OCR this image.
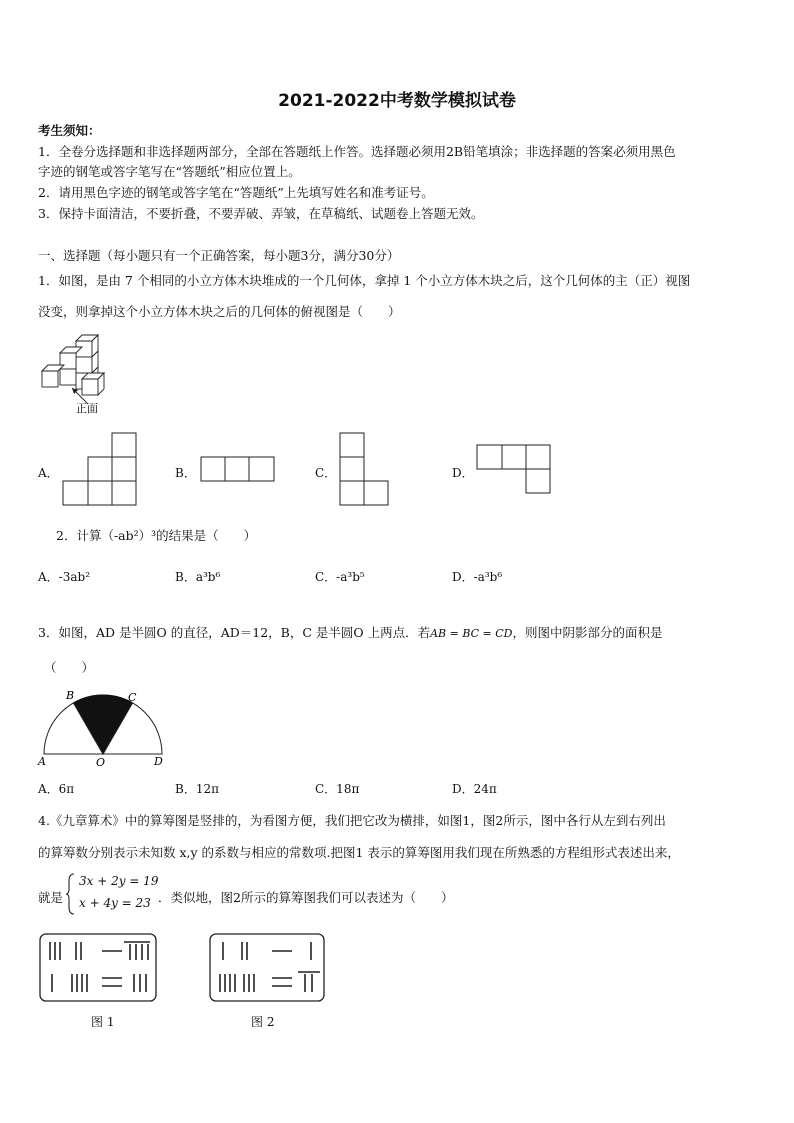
2021-2022中考数学模拟试卷
考生须知：
1．全卷分选择题和非选择题两部分，全部在答题纸上作答。选择题必须用2B铅笔填涂；非选择题的答案必须用黑色
字迹的钢笔或答字笔写在“答题纸”相应位置上。
2．请用黑色字迹的钢笔或答字笔在“答题纸”上先填写姓名和准考证号。
3．保持卡面清洁，不要折叠，不要弄破、弄皱，在草稿纸、试题卷上答题无效。
一、选择题（每小题只有一个正确答案，每小题3分，满分30分）
1．如图，是由 7 个相同的小立方体木块堆成的一个几何体，拿掉 1 个小立方体木块之后，这个几何体的主（正）视图
没变，则拿掉这个小立方体木块之后的几何体的俯视图是（　　）
正面
A．	B．	C．	D．
2．计算（-ab²）³的结果是（　　）
A．-3ab²	B．a³b⁶	C．-a³b⁵	D．-a³b⁶
3．如图，AD 是半圆O 的直径，AD＝12，B，C 是半圆O 上两点．若AB = BC = CD，则图中阴影部分的面积是
（　　）
A
B	C
D
O
A．6π	B．12π	C．18π	D．24π
4.《九章算术》中的算筹图是竖排的，为看图方便，我们把它改为横排，如图1，图2所示，图中各行从左到右列出
的算筹数分别表示未知数 x,y 的系数与相应的常数项.把图1 表示的算筹图用我们现在所熟悉的方程组形式表述出来，
就是
3x + 2y = 19
x + 4y = 23 ．类似地，图2所示的算筹图我们可以表述为（　　）
图 1	图 2
